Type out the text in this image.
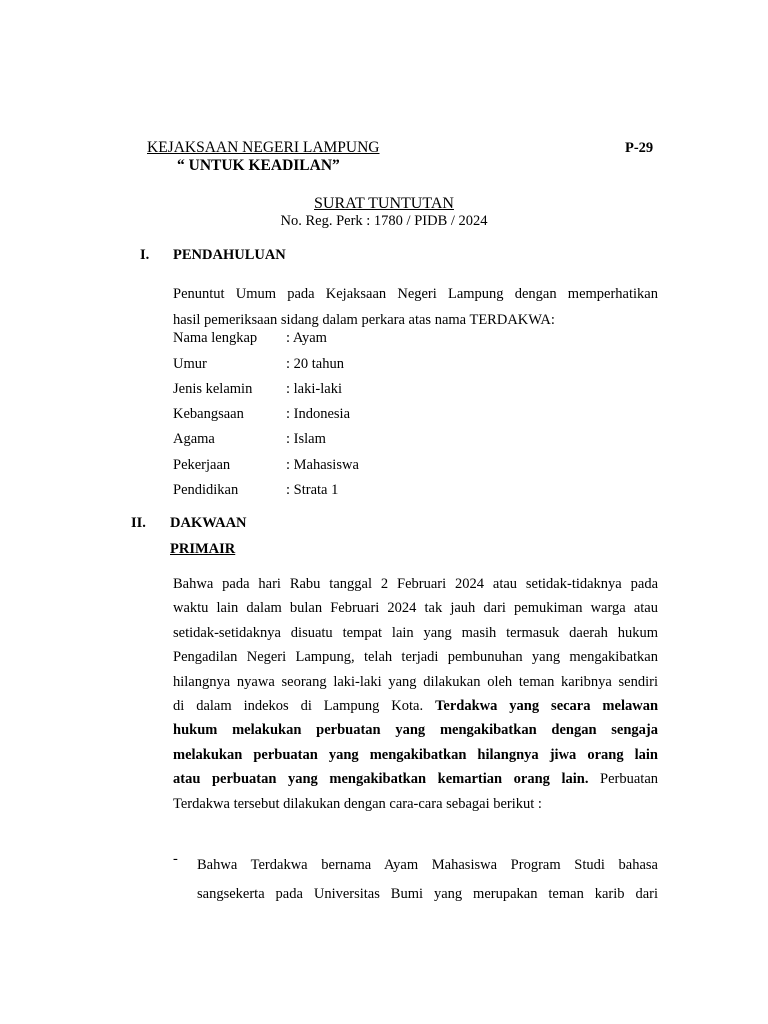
KEJAKSAAN NEGERI LAMPUNG	P-29
“ UNTUK KEADILAN”
SURAT TUNTUTAN
No. Reg. Perk : 1780 / PIDB / 2024
I. PENDAHULUAN
Penuntut Umum pada Kejaksaan Negeri Lampung dengan memperhatikan
hasil pemeriksaan sidang dalam perkara atas nama TERDAKWA:
Nama lengkap : Ayam
Umur	: 20 tahun
Jenis kelamin : laki-laki
Kebangsaan	: Indonesia
Agama	: Islam
Pekerjaan	: Mahasiswa
Pendidikan	: Strata 1
II. DAKWAAN
PRIMAIR
Bahwa pada hari Rabu tanggal 2 Februari 2024 atau setidak-tidaknya pada
waktu lain dalam bulan Februari 2024 tak jauh dari pemukiman warga atau
setidak-setidaknya disuatu tempat lain yang masih termasuk daerah hukum
Pengadilan Negeri Lampung, telah terjadi pembunuhan yang mengakibatkan
hilangnya nyawa seorang laki-laki yang dilakukan oleh teman karibnya sendiri
di dalam indekos di Lampung Kota. Terdakwa yang secara melawan
hukum melakukan perbuatan yang mengakibatkan dengan sengaja
melakukan perbuatan yang mengakibatkan hilangnya jiwa orang lain
atau perbuatan yang mengakibatkan kemartian orang lain. Perbuatan
Terdakwa tersebut dilakukan dengan cara-cara sebagai berikut :
- Bahwa Terdakwa bernama Ayam Mahasiswa Program Studi bahasa
sangsekerta pada Universitas Bumi yang merupakan teman karib dari
